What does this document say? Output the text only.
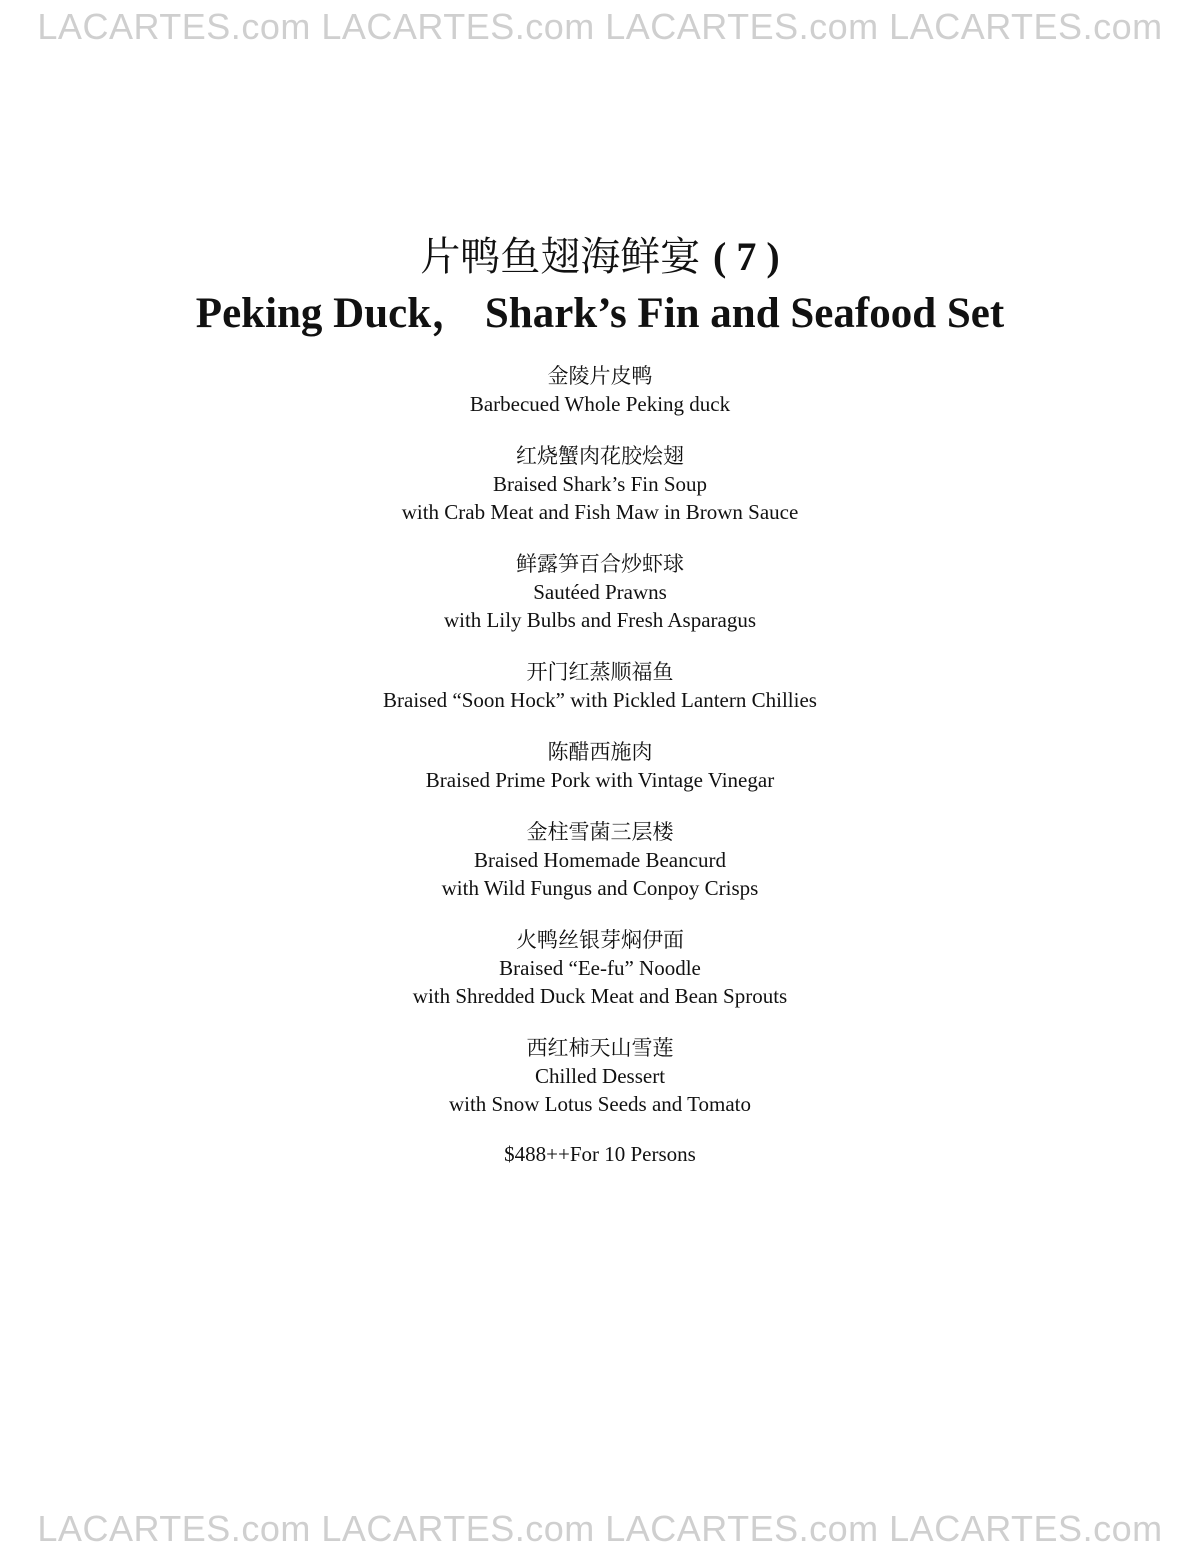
LACARTES.com LACARTES.com LACARTES.com LACARTES.com
片鸭鱼翅海鲜宴 ( 7 )
Peking Duck， Shark’s Fin and Seafood Set
金陵片皮鸭
Barbecued Whole Peking duck
红烧蟹肉花胶烩翅
Braised Shark’s Fin Soup
with Crab Meat and Fish Maw in Brown Sauce
鲜露笋百合炒虾球
Sautéed Prawns
with Lily Bulbs and Fresh Asparagus
开门红蒸顺福鱼
Braised “Soon Hock” with Pickled Lantern Chillies
陈醋西施肉
Braised Prime Pork with Vintage Vinegar
金柱雪菌三层楼
Braised Homemade Beancurd
with Wild Fungus and Conpoy Crisps
火鸭丝银芽焖伊面
Braised “Ee-fu” Noodle
with Shredded Duck Meat and Bean Sprouts
西红柿天山雪莲
Chilled Dessert
with Snow Lotus Seeds and Tomato
$488++For 10 Persons
LACARTES.com LACARTES.com LACARTES.com LACARTES.com
